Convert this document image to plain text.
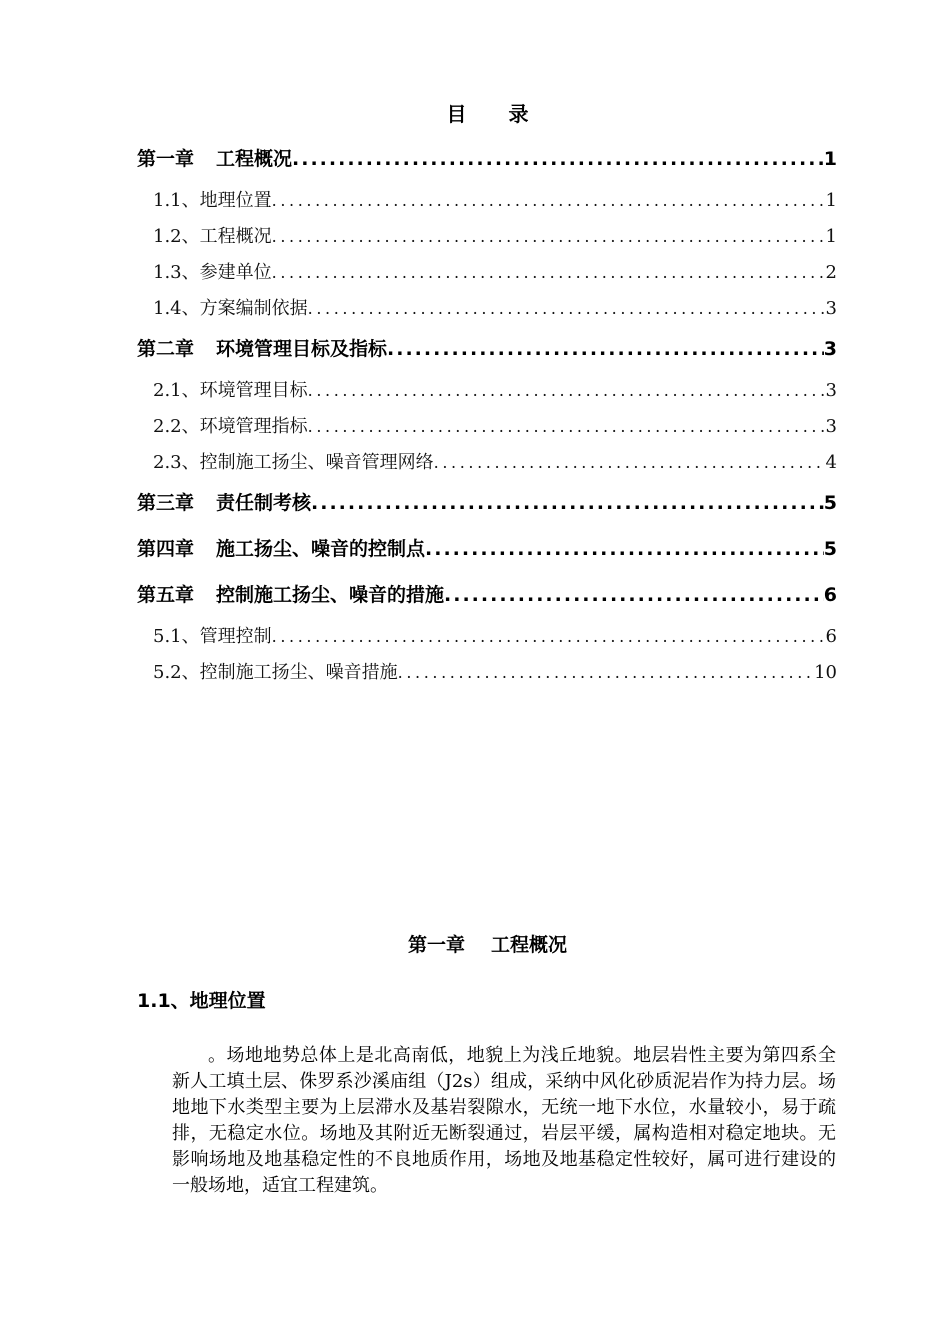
目 录
第一章 工程概况 .....	1
1.1、地理位置 .....	1
1.2、工程概况 .....	1
1.3、参建单位 .....	2
1.4、方案编制依据 .....	3
第二章 环境管理目标及指标 .....	3
2.1、环境管理目标 .....	3
2.2、环境管理指标 .....	3
2.3、控制施工扬尘、噪音管理网络 .....	4
第三章 责任制考核 .....	5
第四章 施工扬尘、噪音的控制点 .....	5
第五章 控制施工扬尘、噪音的措施 .....	6
5.1、管理控制 .....	6
5.2、控制施工扬尘、噪音措施 .....	10
第一章 工程概况
1.1、地理位置

。场地地势总体上是北高南低，地貌上为浅丘地貌。地层岩性主要为第四系全新人工填土层、侏罗系沙溪庙组（J2s）组成，采纳中风化砂质泥岩作为持力层。场地地下水类型主要为上层滞水及基岩裂隙水，无统一地下水位，水量较小，易于疏排，无稳定水位。场地及其附近无断裂通过，岩层平缓，属构造相对稳定地块。无影响场地及地基稳定性的不良地质作用，场地及地基稳定性较好，属可进行建设的一般场地，适宜工程建筑。
